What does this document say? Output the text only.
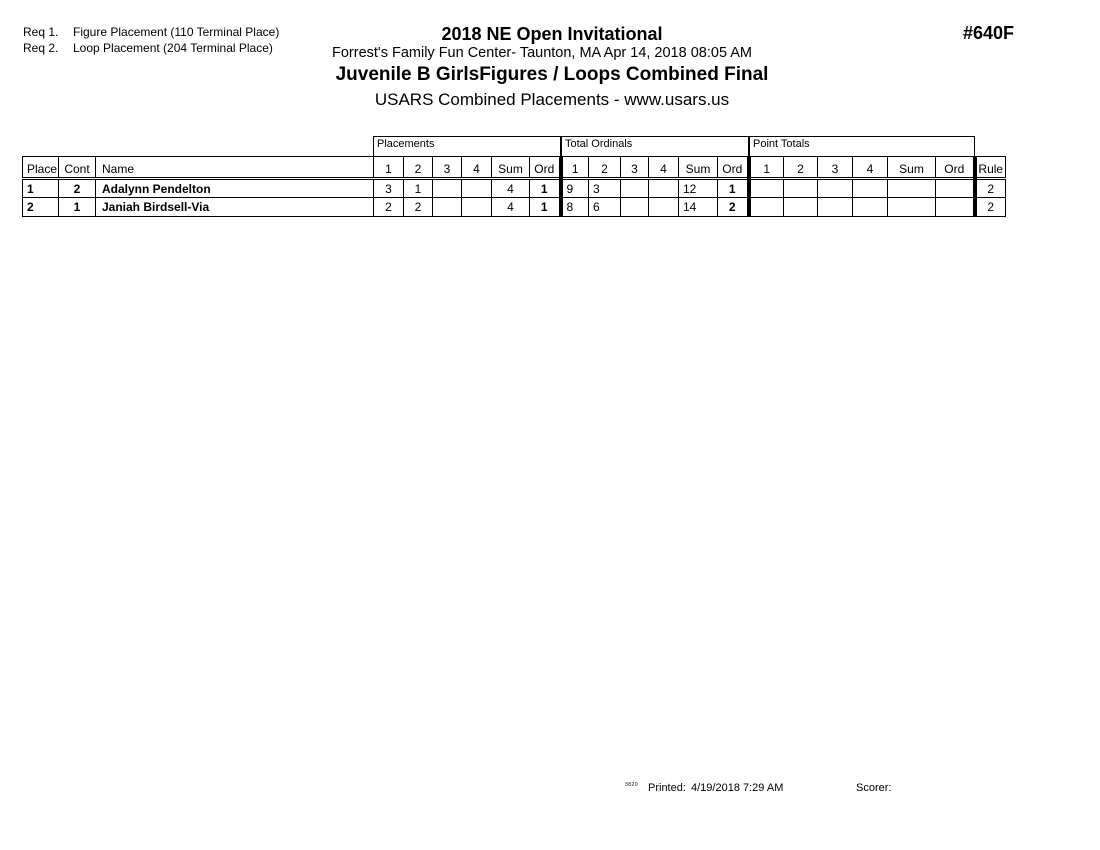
Req 1. Figure Placement (110 Terminal Place)
Req 2. Loop Placement (204 Terminal Place)
2018 NE Open Invitational
Forrest's Family Fun Center- Taunton, MA Apr 14, 2018 08:05 AM
Juvenile B GirlsFigures / Loops Combined Final
USARS Combined Placements - www.usars.us
#640F
Placements	Total Ordinals	Point Totals
Place	Cont	Name	1	2	3	4	Sum	Ord	1	2	3	4	Sum	Ord	1	2	3	4	Sum	Ord	Rule
1	2	Adalynn Pendelton	3	1			4	1	9	3			12	1							2
2	1	Janiah Birdsell-Via	2	2			4	1	8	6			14	2							2
3820 Printed: 4/19/2018 7:29 AM	Scorer:
